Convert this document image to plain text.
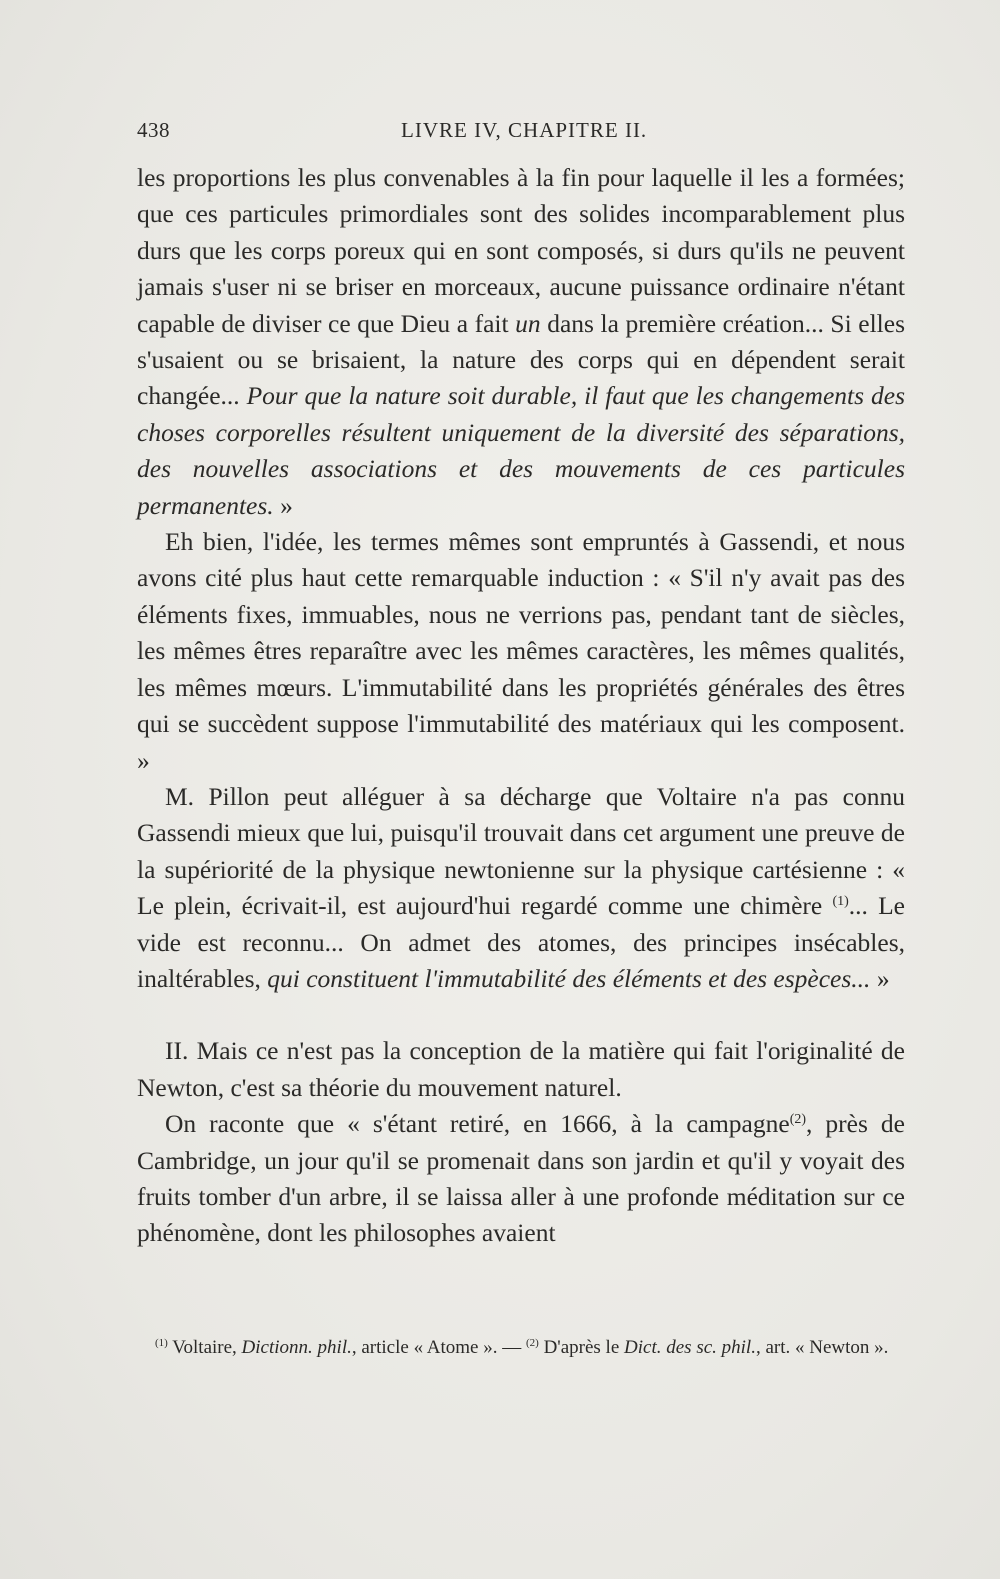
438	LIVRE IV, CHAPITRE II.

les proportions les plus convenables à la fin pour laquelle il les a formées; que ces particules primordiales sont des solides incomparablement plus durs que les corps poreux qui en sont composés, si durs qu'ils ne peuvent jamais s'user ni se briser en morceaux, aucune puissance ordinaire n'étant capable de diviser ce que Dieu a fait un dans la première création... Si elles s'usaient ou se brisaient, la nature des corps qui en dépendent serait changée... Pour que la nature soit durable, il faut que les changements des choses corporelles résultent uniquement de la diversité des séparations, des nouvelles associations et des mouvements de ces particules permanentes. »

Eh bien, l'idée, les termes mêmes sont empruntés à Gassendi, et nous avons cité plus haut cette remarquable induction : « S'il n'y avait pas des éléments fixes, immuables, nous ne verrions pas, pendant tant de siècles, les mêmes êtres reparaître avec les mêmes caractères, les mêmes qualités, les mêmes mœurs. L'immutabilité dans les propriétés générales des êtres qui se succèdent suppose l'immutabilité des matériaux qui les composent. »

M. Pillon peut alléguer à sa décharge que Voltaire n'a pas connu Gassendi mieux que lui, puisqu'il trouvait dans cet argument une preuve de la supériorité de la physique newtonienne sur la physique cartésienne : « Le plein, écrivait-il, est aujourd'hui regardé comme une chimère $^{(1)}$... Le vide est reconnu... On admet des atomes, des principes insécables, inaltérables, qui constituent l'immutabilité des éléments et des espèces... »

II. Mais ce n'est pas la conception de la matière qui fait l'originalité de Newton, c'est sa théorie du mouvement naturel.

On raconte que « s'étant retiré, en 1666, à la campagne$^{(2)}$, près de Cambridge, un jour qu'il se promenait dans son jardin et qu'il y voyait des fruits tomber d'un arbre, il se laissa aller à une profonde méditation sur ce phénomène, dont les philosophes avaient

$^{(1)}$ Voltaire, Dictionn. phil., article « Atome ». — $^{(2)}$ D'après le Dict. des sc. phil., art. « Newton ».
